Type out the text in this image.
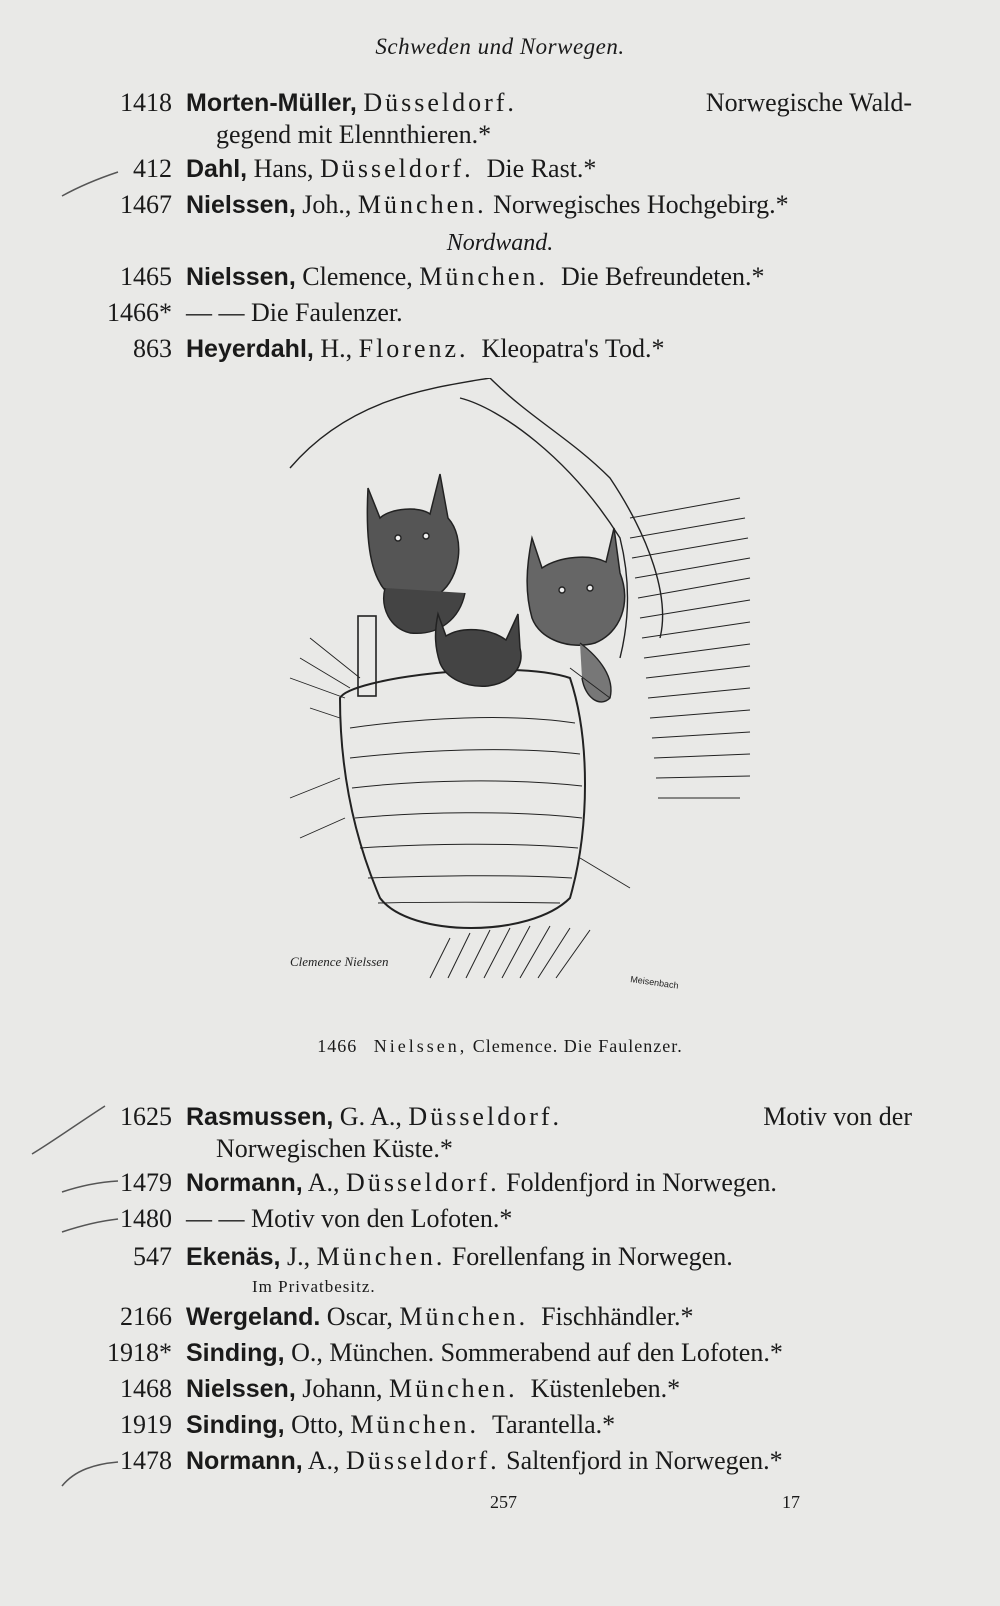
Schweden und Norwegen.
1418 Morten-Müller, Düsseldorf.	Norwegische Wald-
gegend mit Elennthieren.*
412 Dahl, Hans, Düsseldorf. Die Rast.*
1467 Nielssen, Joh., München. Norwegisches Hochgebirg.*
Nordwand.
1465 Nielssen, Clemence, München. Die Befreundeten.*
1466* — — Die Faulenzer.
863 Heyerdahl, H., Florenz. Kleopatra's Tod.*
Clemence Nielssen
Meisenbach
1466 Nielssen, Clemence. Die Faulenzer.
1625 Rasmussen, G. A., Düsseldorf.	Motiv von der
Norwegischen Küste.*
1479 Normann, A., Düsseldorf. Foldenfjord in Norwegen.
1480 — — Motiv von den Lofoten.*
547 Ekenäs, J., München. Forellenfang in Norwegen.
Im Privatbesitz.
2166 Wergeland. Oscar, München. Fischhändler.*
1918* Sinding, O., München. Sommerabend auf den Lofoten.*
1468 Nielssen, Johann, München. Küstenleben.*
1919 Sinding, Otto, München. Tarantella.*
1478 Normann, A., Düsseldorf. Saltenfjord in Norwegen.*
257	17
